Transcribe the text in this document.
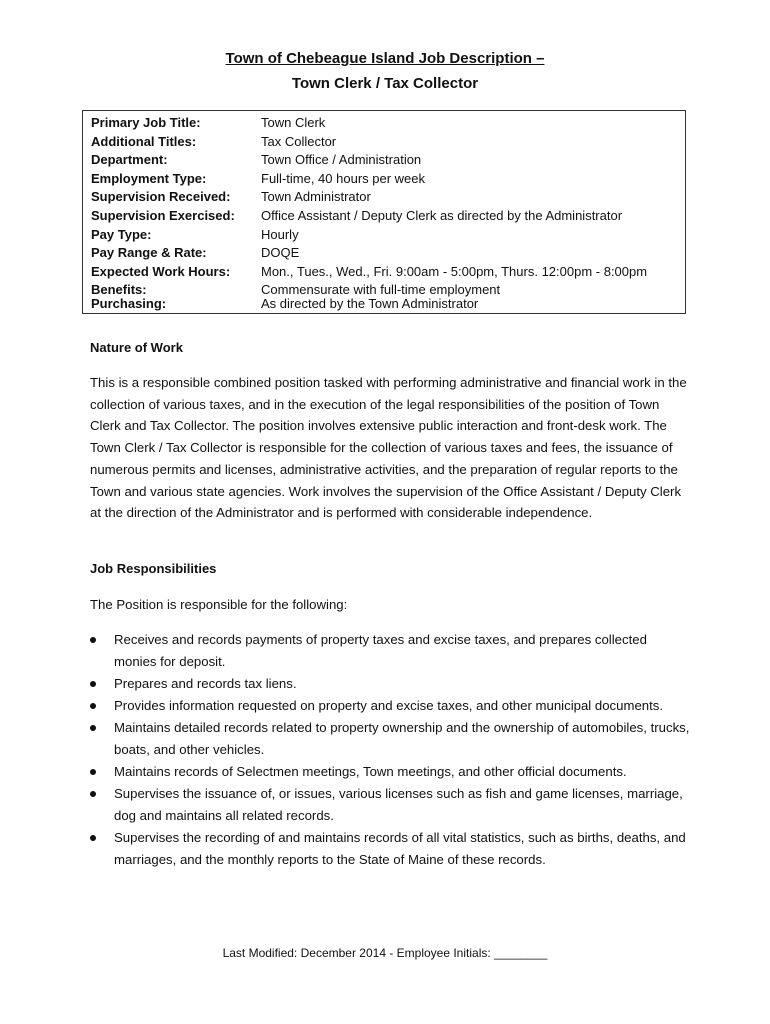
Town of Chebeague Island Job Description –
Town Clerk / Tax Collector
Primary Job Title:	Town Clerk
Additional Titles:	Tax Collector
Department:	Town Office / Administration
Employment Type:	Full-time, 40 hours per week
Supervision Received: Town Administrator
Supervision Exercised: Office Assistant / Deputy Clerk as directed by the Administrator
Pay Type:	Hourly
Pay Range & Rate:	DOQE
Expected Work Hours: Mon., Tues., Wed., Fri. 9:00am - 5:00pm, Thurs. 12:00pm - 8:00pm
Benefits:	Commensurate with full-time employment
Purchasing:	As directed by the Town Administrator
Nature of Work
This is a responsible combined position tasked with performing administrative and financial work in the collection of various taxes, and in the execution of the legal responsibilities of the position of Town Clerk and Tax Collector. The position involves extensive public interaction and front-desk work. The Town Clerk / Tax Collector is responsible for the collection of various taxes and fees, the issuance of numerous permits and licenses, administrative activities, and the preparation of regular reports to the Town and various state agencies. Work involves the supervision of the Office Assistant / Deputy Clerk at the direction of the Administrator and is performed with considerable independence.
Job Responsibilities
The Position is responsible for the following:
Receives and records payments of property taxes and excise taxes, and prepares collected monies for deposit.
Prepares and records tax liens.
Provides information requested on property and excise taxes, and other municipal documents.
Maintains detailed records related to property ownership and the ownership of automobiles, trucks, boats, and other vehicles.
Maintains records of Selectmen meetings, Town meetings, and other official documents.
Supervises the issuance of, or issues, various licenses such as fish and game licenses, marriage, dog and maintains all related records.
Supervises the recording of and maintains records of all vital statistics, such as births, deaths, and marriages, and the monthly reports to the State of Maine of these records.
Last Modified: December 2014 - Employee Initials: ________
